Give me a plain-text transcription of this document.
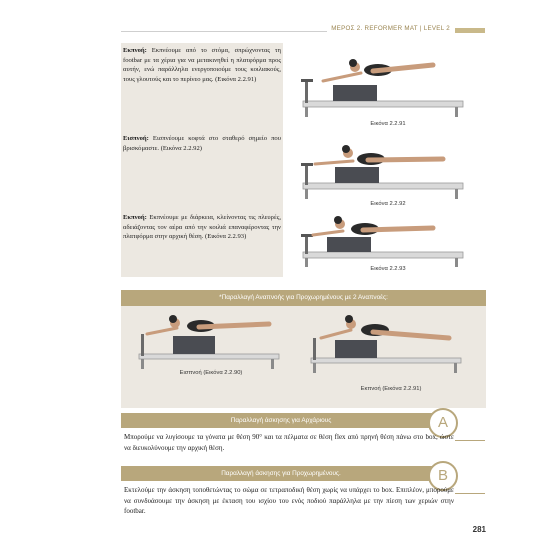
ΜΕΡΟΣ 2. REFORMER MAT | LEVEL 2
Εκπνοή: Εκπνέουμε από το στόμα, σπρώχνοντας τη footbar με τα χέρια για να μετακινηθεί η πλατφόρμα προς αυτήν, ενώ παράλληλα ενεργοποιούμε τους κοιλιακούς, τους γλουτούς και το περίνεο μας. (Εικόνα 2.2.91)
Εικόνα 2.2.91
Εισπνοή: Εισπνέουμε κοφτά στο σταθερό σημείο που βρισκόμαστε. (Εικόνα 2.2.92)
Εικόνα 2.2.92
Εκπνοή: Εκπνέουμε με διάρκεια, κλείνοντας τις πλευρές, αδειάζοντας τον αέρα από την κοιλιά επαναφέροντας την πλατφόρμα στην αρχική θέση. (Εικόνα 2.2.93)
Εικόνα 2.2.93
*Παραλλαγή Αναπνοής για Προχωρημένους με 2 Αναπνοές:
Εισπνοή (Εικόνα 2.2.90)
Εκπνοή (Εικόνα 2.2.91)
Παραλλαγή άσκησης για Αρχάριους	A
Μπορούμε να λυγίσουμε τα γόνατα με θέση 90° και τα πέλματα σε θέση flex από πρηνή θέση πάνω στο box, ώστε να διευκολύνουμε την αρχική θέση.
Παραλλαγή άσκησης για Προχωρημένους.	B
Εκτελούμε την άσκηση τοποθετώντας το σώμα σε τετραποδική θέση χωρίς να υπάρχει το box. Επιπλέον, μπορούμε να συνδυάσουμε την άσκηση με έκταση του ισχίου του ενός ποδιού παράλληλα με την πίεση των χεριών στην footbar.
281
